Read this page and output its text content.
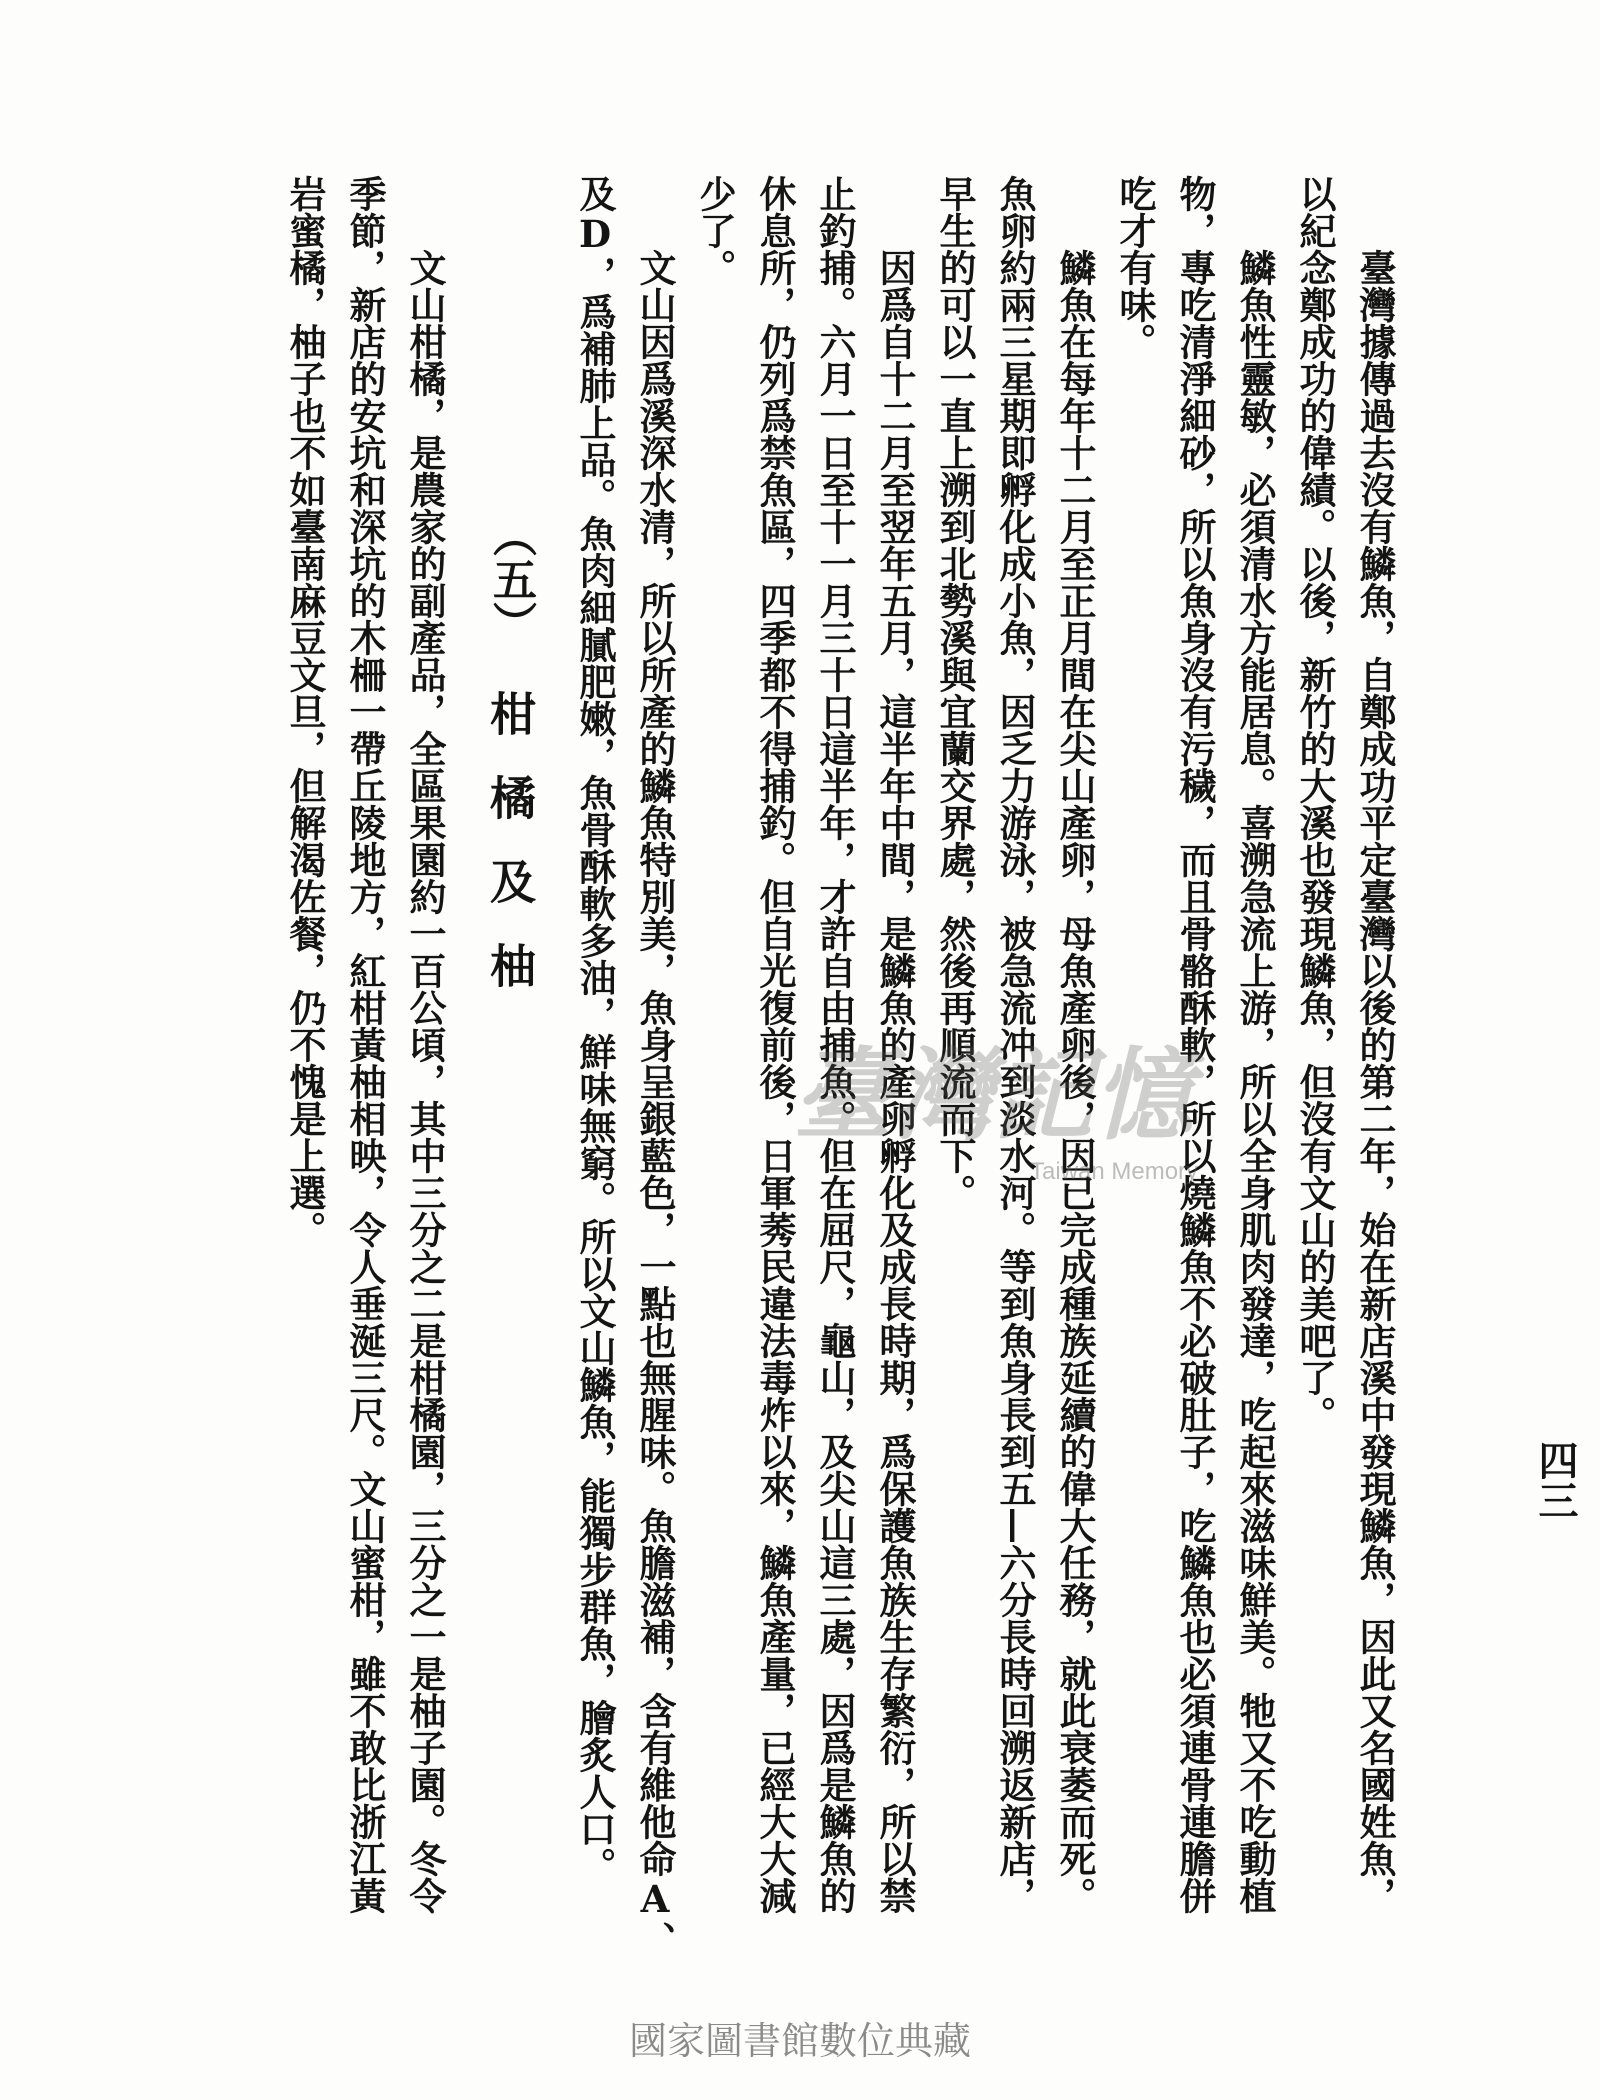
臺灣據傳過去沒有鱗魚，自鄭成功平定臺灣以後的第二年，始在新店溪中發現鱗魚，因此又名國姓魚，
以紀念鄭成功的偉績。以後，新竹的大溪也發現鱗魚，但沒有文山的美吧了。
鱗魚性靈敏，必須清水方能居息。喜溯急流上游，所以全身肌肉發達，吃起來滋味鮮美。牠又不吃動植
物，專吃清淨細砂，所以魚身沒有污穢，而且骨骼酥軟，所以燒鱗魚不必破肚子，吃鱗魚也必須連骨連膽併
吃才有味。
鱗魚在每年十二月至正月間在尖山產卵，母魚產卵後，因已完成種族延續的偉大任務，就此衰萎而死。
魚卵約兩三星期即孵化成小魚，因乏力游泳，被急流冲到淡水河。等到魚身長到五—六分長時回溯返新店，
早生的可以一直上溯到北勢溪與宜蘭交界處，然後再順流而下。
因爲自十二月至翌年五月，這半年中間，是鱗魚的產卵孵化及成長時期，爲保護魚族生存繁衍，所以禁
止釣捕。六月一日至十一月三十日這半年，才許自由捕魚。但在屈尺，龜山，及尖山這三處，因爲是鱗魚的
休息所，仍列爲禁魚區，四季都不得捕釣。但自光復前後，日軍莠民違法毒炸以來，鱗魚產量，已經大大減
少了。
文山因爲溪深水清，所以所產的鱗魚特別美，魚身呈銀藍色，一點也無腥味。魚膽滋補，含有維他命A、
及D，爲補肺上品。魚肉細膩肥嫩，魚骨酥軟多油，鮮味無窮。所以文山鱗魚，能獨步群魚，膾炙人口。
（五）
柑橘及柚
文山柑橘，是農家的副產品，全區果園約一百公頃，其中三分之二是柑橘園，三分之一是柚子園。冬令
季節，新店的安坑和深坑的木柵一帶丘陵地方，紅柑黃柚相映，令人垂涎三尺。文山蜜柑，雖不敢比浙江黃
岩蜜橘，柚子也不如臺南麻豆文旦，但解渴佐餐，仍不愧是上選。
四三
臺灣記憶
Taiwan Memory
國家圖書館數位典藏
